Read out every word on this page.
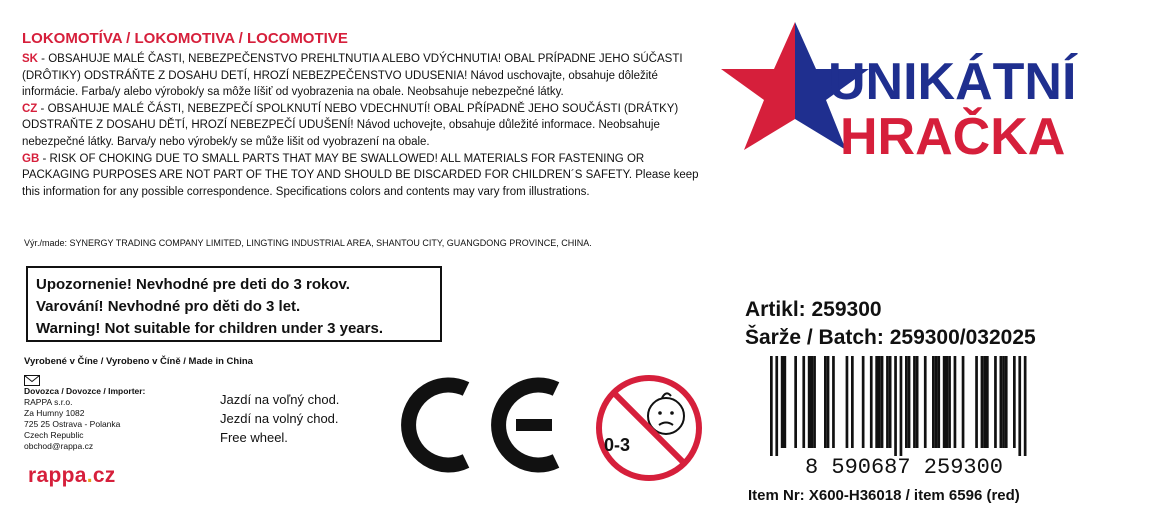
LOKOMOTÍVA / LOKOMOTIVA / LOCOMOTIVE

SK - OBSAHUJE MALÉ ČASTI, NEBEZPEČENSTVO PREHLTNUTIA ALEBO VDÝCHNUTIA! OBAL PRÍPADNE JEHO SÚČASTI (DRÔTIKY) ODSTRÁŇTE Z DOSAHU DETÍ, HROZÍ NEBEZPEČENSTVO UDUSENIA! Návod uschovajte, obsahuje dôležité informácie. Farba/y alebo výrobok/y sa môže líšiť od vyobrazenia na obale. Neobsahuje nebezpečné látky.

CZ - OBSAHUJE MALÉ ČÁSTI, NEBEZPEČÍ SPOLKNUTÍ NEBO VDECHNUTÍ! OBAL PŘÍPADNĚ JEHO SOUČÁSTI (DRÁTKY) ODSTRAŇTE Z DOSAHU DĚTÍ, HROZÍ NEBEZPEČÍ UDUŠENÍ! Návod uchovejte, obsahuje důležité informace. Neobsahuje nebezpečné látky. Barva/y nebo výrobek/y se může lišit od vyobrazení na obale.

GB - RISK OF CHOKING DUE TO SMALL PARTS THAT MAY BE SWALLOWED! ALL MATERIALS FOR FASTENING OR PACKAGING PURPOSES ARE NOT PART OF THE TOY AND SHOULD BE DISCARDED FOR CHILDREN´S SAFETY. Please keep this information for any possible correspondence. Specifications colors and contents may vary from illustrations.

Výr./made: SYNERGY TRADING COMPANY LIMITED, LINGTING INDUSTRIAL AREA, SHANTOU CITY, GUANGDONG PROVINCE, CHINA.
Upozornenie! Nevhodné pre deti do 3 rokov.
Varování! Nevhodné pro děti do 3 let.
Warning! Not suitable for children under 3 years.
Vyrobené v Číne / Vyrobeno v Číně / Made in China
Dovozca / Dovozce / Importer:
RAPPA s.r.o.
Za Humny 1082
725 25 Ostrava - Polanka
Czech Republic
obchod@rappa.cz
Jazdí na voľný chod.
Jezdí na volný chod.
Free wheel.
rappa.cz
0-3
UNIKÁTNÍ
HRAČKA
Artikl: 259300
Šarže / Batch: 259300/032025
8 590687 259300
Item Nr: X600-H36018 / item 6596 (red)
